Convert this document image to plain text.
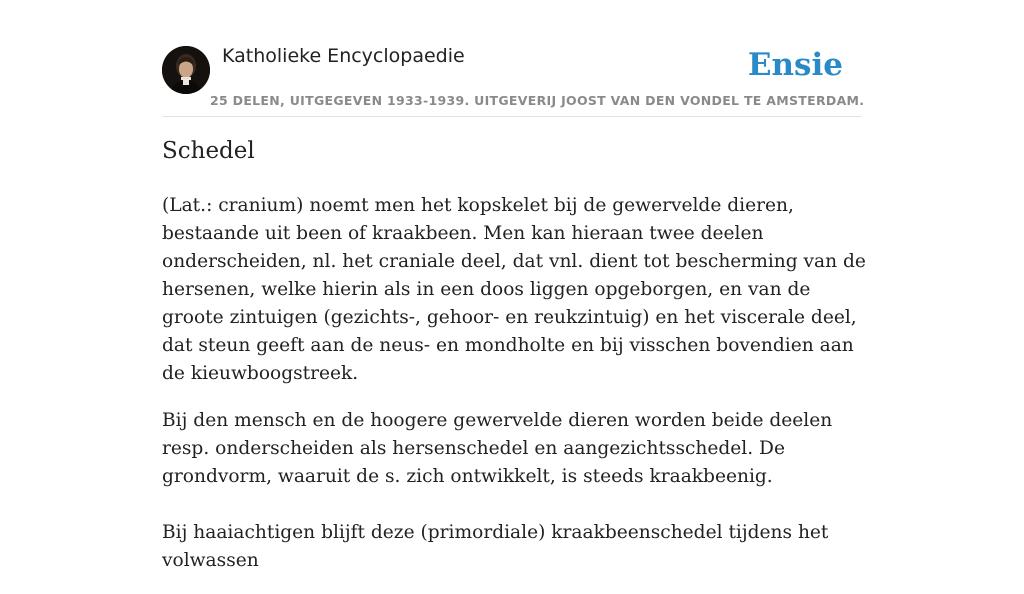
Katholieke Encyclopaedie
25 DELEN, UITGEGEVEN 1933-1939. UITGEVERIJ JOOST VAN DEN VONDEL TE AMSTERDAM.
Ensie
Schedel

(Lat.: cranium) noemt men het kopskelet bij de gewervelde dieren, bestaande uit been of kraakbeen. Men kan hieraan twee deelen onderscheiden, nl. het craniale deel, dat vnl. dient tot bescherming van de hersenen, welke hierin als in een doos liggen opgeborgen, en van de groote zintuigen (gezichts-, gehoor- en reukzintuig) en het viscerale deel, dat steun geeft aan de neus- en mondholte en bij visschen bovendien aan de kieuwboogstreek.

Bij den mensch en de hoogere gewervelde dieren worden beide deelen resp. onderscheiden als hersenschedel en aangezichtsschedel. De grondvorm, waaruit de s. zich ontwikkelt, is steeds kraakbeenig.

Bij haaiachtigen blijft deze (primordiale) kraakbeenschedel tijdens het volwassen
